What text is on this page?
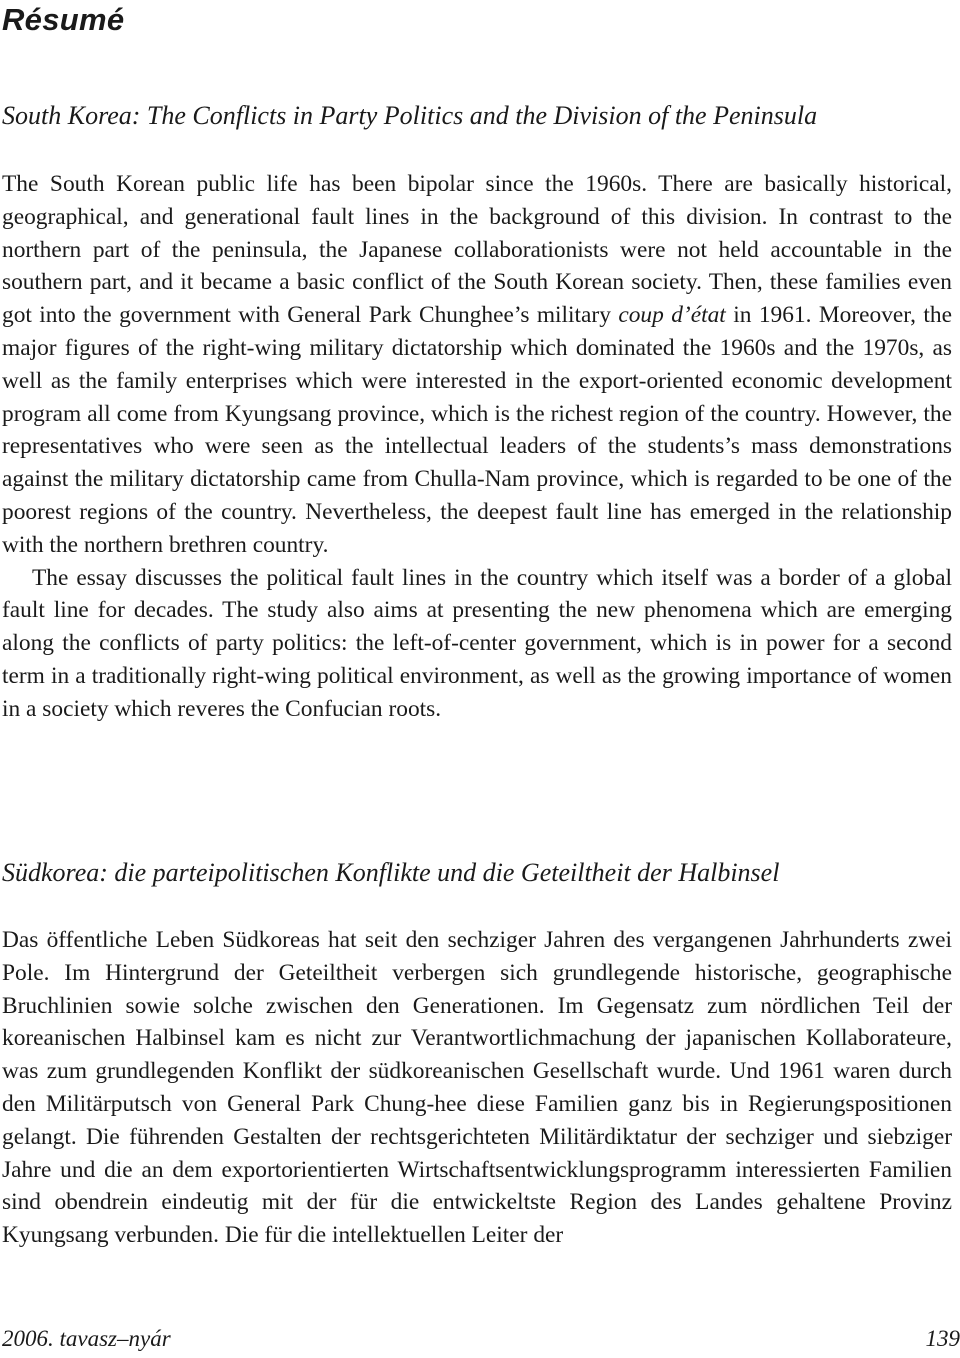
Résumé
South Korea: The Conflicts in Party Politics and the Division of the Peninsula

The South Korean public life has been bipolar since the 1960s. There are basically historical, geographical, and generational fault lines in the background of this division. In contrast to the northern part of the peninsula, the Japanese collaborationists were not held accountable in the southern part, and it became a basic conflict of the South Korean society. Then, these families even got into the government with General Park Chunghee’s military coup d’état in 1961. Moreover, the major figures of the right-wing military dictatorship which dominated the 1960s and the 1970s, as well as the family enterprises which were interested in the export-oriented economic development program all come from Kyungsang province, which is the richest region of the country. However, the representatives who were seen as the intellectual leaders of the students’s mass demonstrations against the military dictatorship came from Chulla-Nam province, which is regarded to be one of the poorest regions of the country. Nevertheless, the deepest fault line has emerged in the relationship with the northern brethren country.

The essay discusses the political fault lines in the country which itself was a border of a global fault line for decades. The study also aims at presenting the new phenomena which are emerging along the conflicts of party politics: the left-of-center government, which is in power for a second term in a traditionally right-wing political environment, as well as the growing importance of women in a society which reveres the Confucian roots.

Südkorea: die parteipolitischen Konflikte und die Geteiltheit der Halbinsel

Das öffentliche Leben Südkoreas hat seit den sechziger Jahren des vergangenen Jahrhunderts zwei Pole. Im Hintergrund der Geteiltheit verbergen sich grundlegende historische, geographische Bruchlinien sowie solche zwischen den Generationen. Im Gegensatz zum nördlichen Teil der koreanischen Halbinsel kam es nicht zur Verantwortlichmachung der japanischen Kollaborateure, was zum grundlegenden Konflikt der südkoreanischen Gesellschaft wurde. Und 1961 waren durch den Militärputsch von General Park Chung-hee diese Familien ganz bis in Regierungspositionen gelangt. Die führenden Gestalten der rechtsgerichteten Militärdiktatur der sechziger und siebziger Jahre und die an dem exportorientierten Wirtschaftsentwicklungsprogramm interessierten Familien sind obendrein eindeutig mit der für die entwickeltste Region des Landes gehaltene Provinz Kyungsang verbunden. Die für die intellektuellen Leiter der

2006. tavasz–nyár	139
